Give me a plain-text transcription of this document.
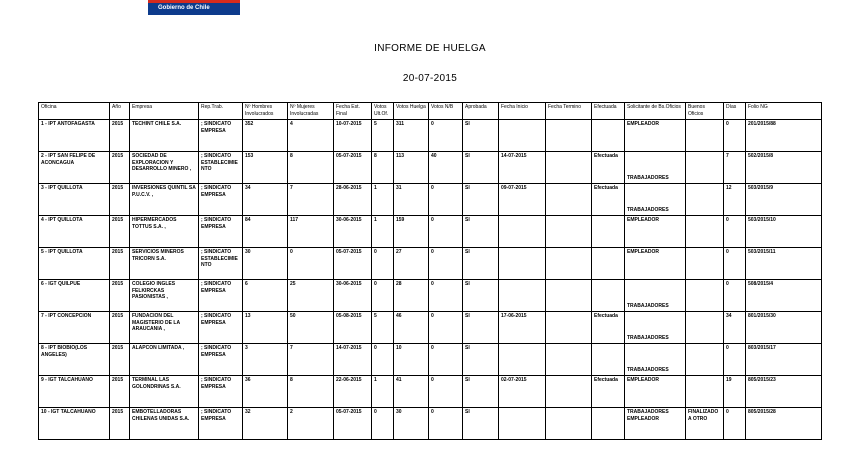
Gobierno de Chile
INFORME DE HUELGA
20-07-2015
Oficina	Año	Empresa	Rep.Trab.	Nº Hombres Involucrados	Nº Mujeres Involucradas	Fecha Est. Final	Votos Ult.Of.	Votos Huelga	Votos N/B	Aprobada	Fecha Inicio	Fecha Termino	Efectuada	Solicitante de Bs.Oficios	Buenos Oficios	Días	Folio NG
1 - IPT ANTOFAGASTA	2015	TECHINT CHILE S.A.	; SINDICATO EMPRESA	352	4	10-07-2015	5	311	0	SI				EMPLEADOR		0	201/2015/88
2 - IPT SAN FELIPE DE ACONCAGUA	2015	SOCIEDAD DE EXPLORACION Y DESARROLLO MINERO ,	; SINDICATO ESTABLECIMIENTO	153	8	05-07-2015	8	113	40	SI	14-07-2015		Efectuada	TRABAJADORES		7	502/2015/8
3 - IPT QUILLOTA	2015	INVERSIONES QUINTIL SA P.U.C.V. ,	; SINDICATO EMPRESA	34	7	28-06-2015	1	31	0	SI	09-07-2015		Efectuada	TRABAJADORES		12	503/2015/9
4 - IPT QUILLOTA	2015	HIPERMERCADOS TOTTUS S.A. ,	; SINDICATO EMPRESA	84	117	30-06-2015	1	159	0	SI				EMPLEADOR		0	503/2015/10
5 - IPT QUILLOTA	2015	SERVICIOS MINEROS TRICORN S.A.	; SINDICATO ESTABLECIMIENTO	30	0	05-07-2015	0	27	0	SI				EMPLEADOR		0	503/2015/11
6 - IGT QUILPUE	2015	COLEGIO INGLES FELKIRCKAS PASIONISTAS ,	; SINDICATO EMPRESA	6	25	30-06-2015	0	28	0	SI				TRABAJADORES		0	508/2015/4
7 - IPT CONCEPCION	2015	FUNDACION DEL MAGISTERIO DE LA ARAUCANIA ,	; SINDICATO EMPRESA	13	50	05-08-2015	5	46	0	SI	17-06-2015		Efectuada	TRABAJADORES		34	801/2015/30
8 - IPT BIOBIO(LOS ANGELES)	2015	ALAPCON LIMITADA ,	; SINDICATO EMPRESA	3	7	14-07-2015	0	10	0	SI				TRABAJADORES		0	803/2015/17
9 - IGT TALCAHUANO	2015	TERMINAL LAS GOLONDRINAS S.A.	; SINDICATO EMPRESA	36	8	22-06-2015	1	41	0	SI	02-07-2015		Efectuada	EMPLEADOR		19	805/2015/23
10 - IGT TALCAHUANO	2015	EMBOTELLADORAS CHILENAS UNIDAS S.A.	; SINDICATO EMPRESA	32	2	05-07-2015	0	30	0	SI				TRABAJADORES EMPLEADOR	FINALIZADO A OTRO	0	805/2015/28
